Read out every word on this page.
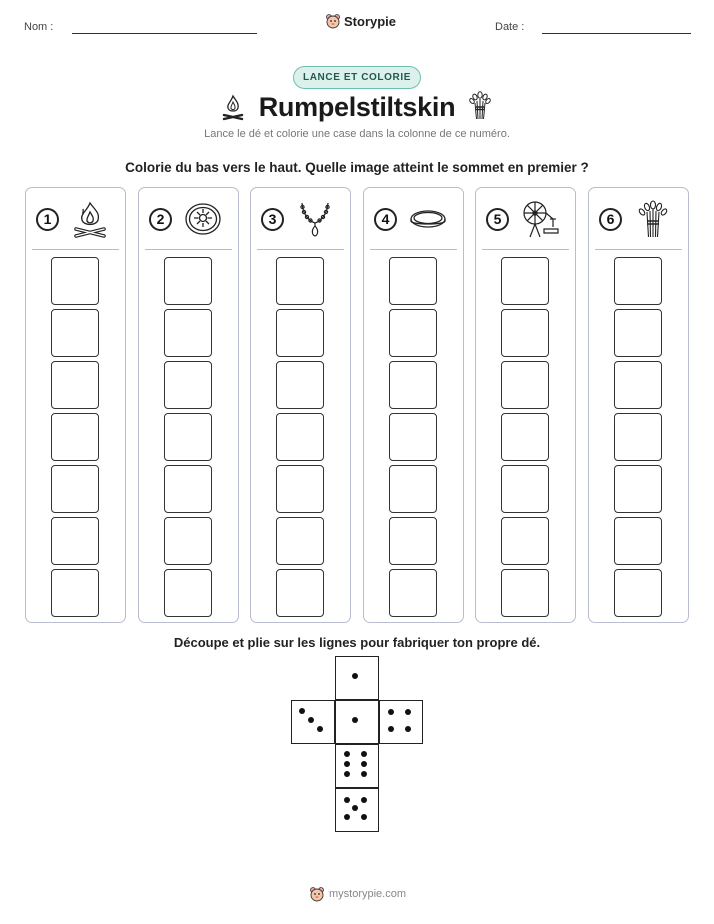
Nom :	Storypie	Date :
LANCE ET COLORIE
Rumpelstiltskin
Lance le dé et colorie une case dans la colonne de ce numéro.
Colorie du bas vers le haut. Quelle image atteint le sommet en premier ?
1	2	3	4	5	6
Découpe et plie sur les lignes pour fabriquer ton propre dé.
mystorypie.com
